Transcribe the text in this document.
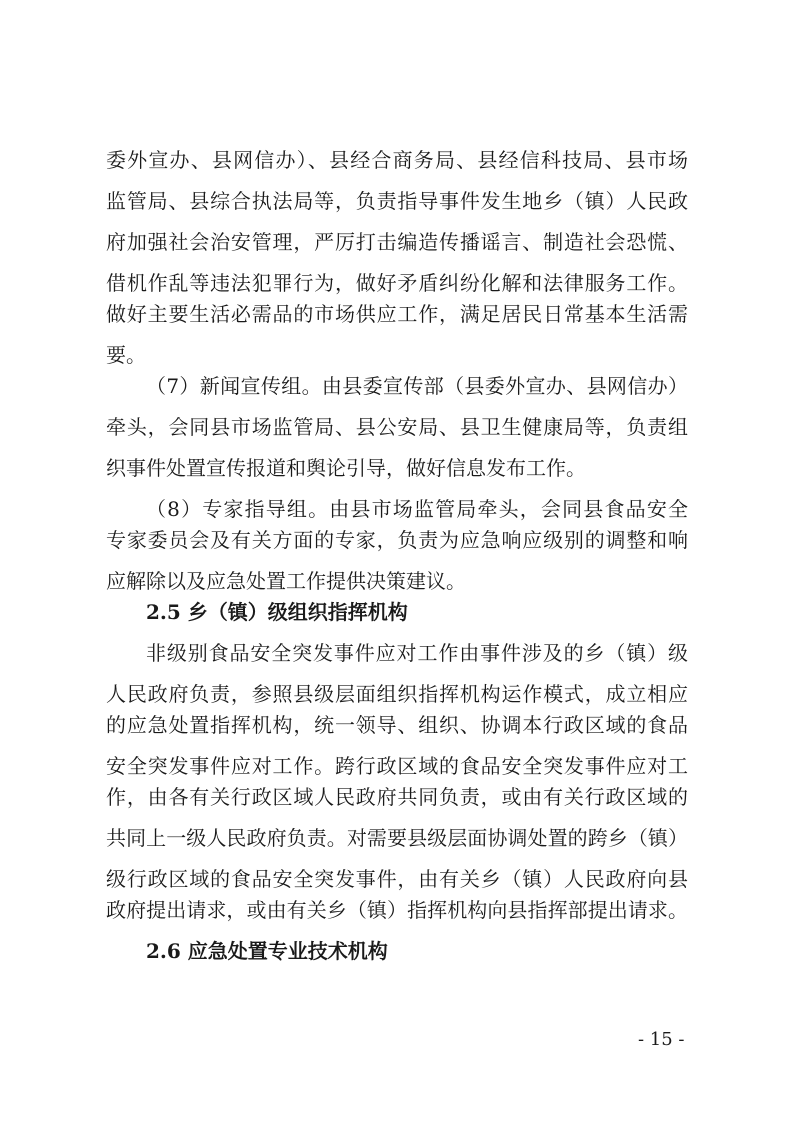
委外宣办、县网信办）、县经合商务局、县经信科技局、县市场
监管局、县综合执法局等，负责指导事件发生地乡（镇）人民政
府加强社会治安管理，严厉打击编造传播谣言、制造社会恐慌、
借机作乱等违法犯罪行为，做好矛盾纠纷化解和法律服务工作。
做好主要生活必需品的市场供应工作，满足居民日常基本生活需
要。
（7）新闻宣传组。由县委宣传部（县委外宣办、县网信办）
牵头，会同县市场监管局、县公安局、县卫生健康局等，负责组
织事件处置宣传报道和舆论引导，做好信息发布工作。
（8）专家指导组。由县市场监管局牵头，会同县食品安全
专家委员会及有关方面的专家，负责为应急响应级别的调整和响
应解除以及应急处置工作提供决策建议。
2.5 乡（镇）级组织指挥机构
非级别食品安全突发事件应对工作由事件涉及的乡（镇）级
人民政府负责，参照县级层面组织指挥机构运作模式，成立相应
的应急处置指挥机构，统一领导、组织、协调本行政区域的食品
安全突发事件应对工作。跨行政区域的食品安全突发事件应对工
作，由各有关行政区域人民政府共同负责，或由有关行政区域的
共同上一级人民政府负责。对需要县级层面协调处置的跨乡（镇）
级行政区域的食品安全突发事件，由有关乡（镇）人民政府向县
政府提出请求，或由有关乡（镇）指挥机构向县指挥部提出请求。
2.6 应急处置专业技术机构
- 15 -
